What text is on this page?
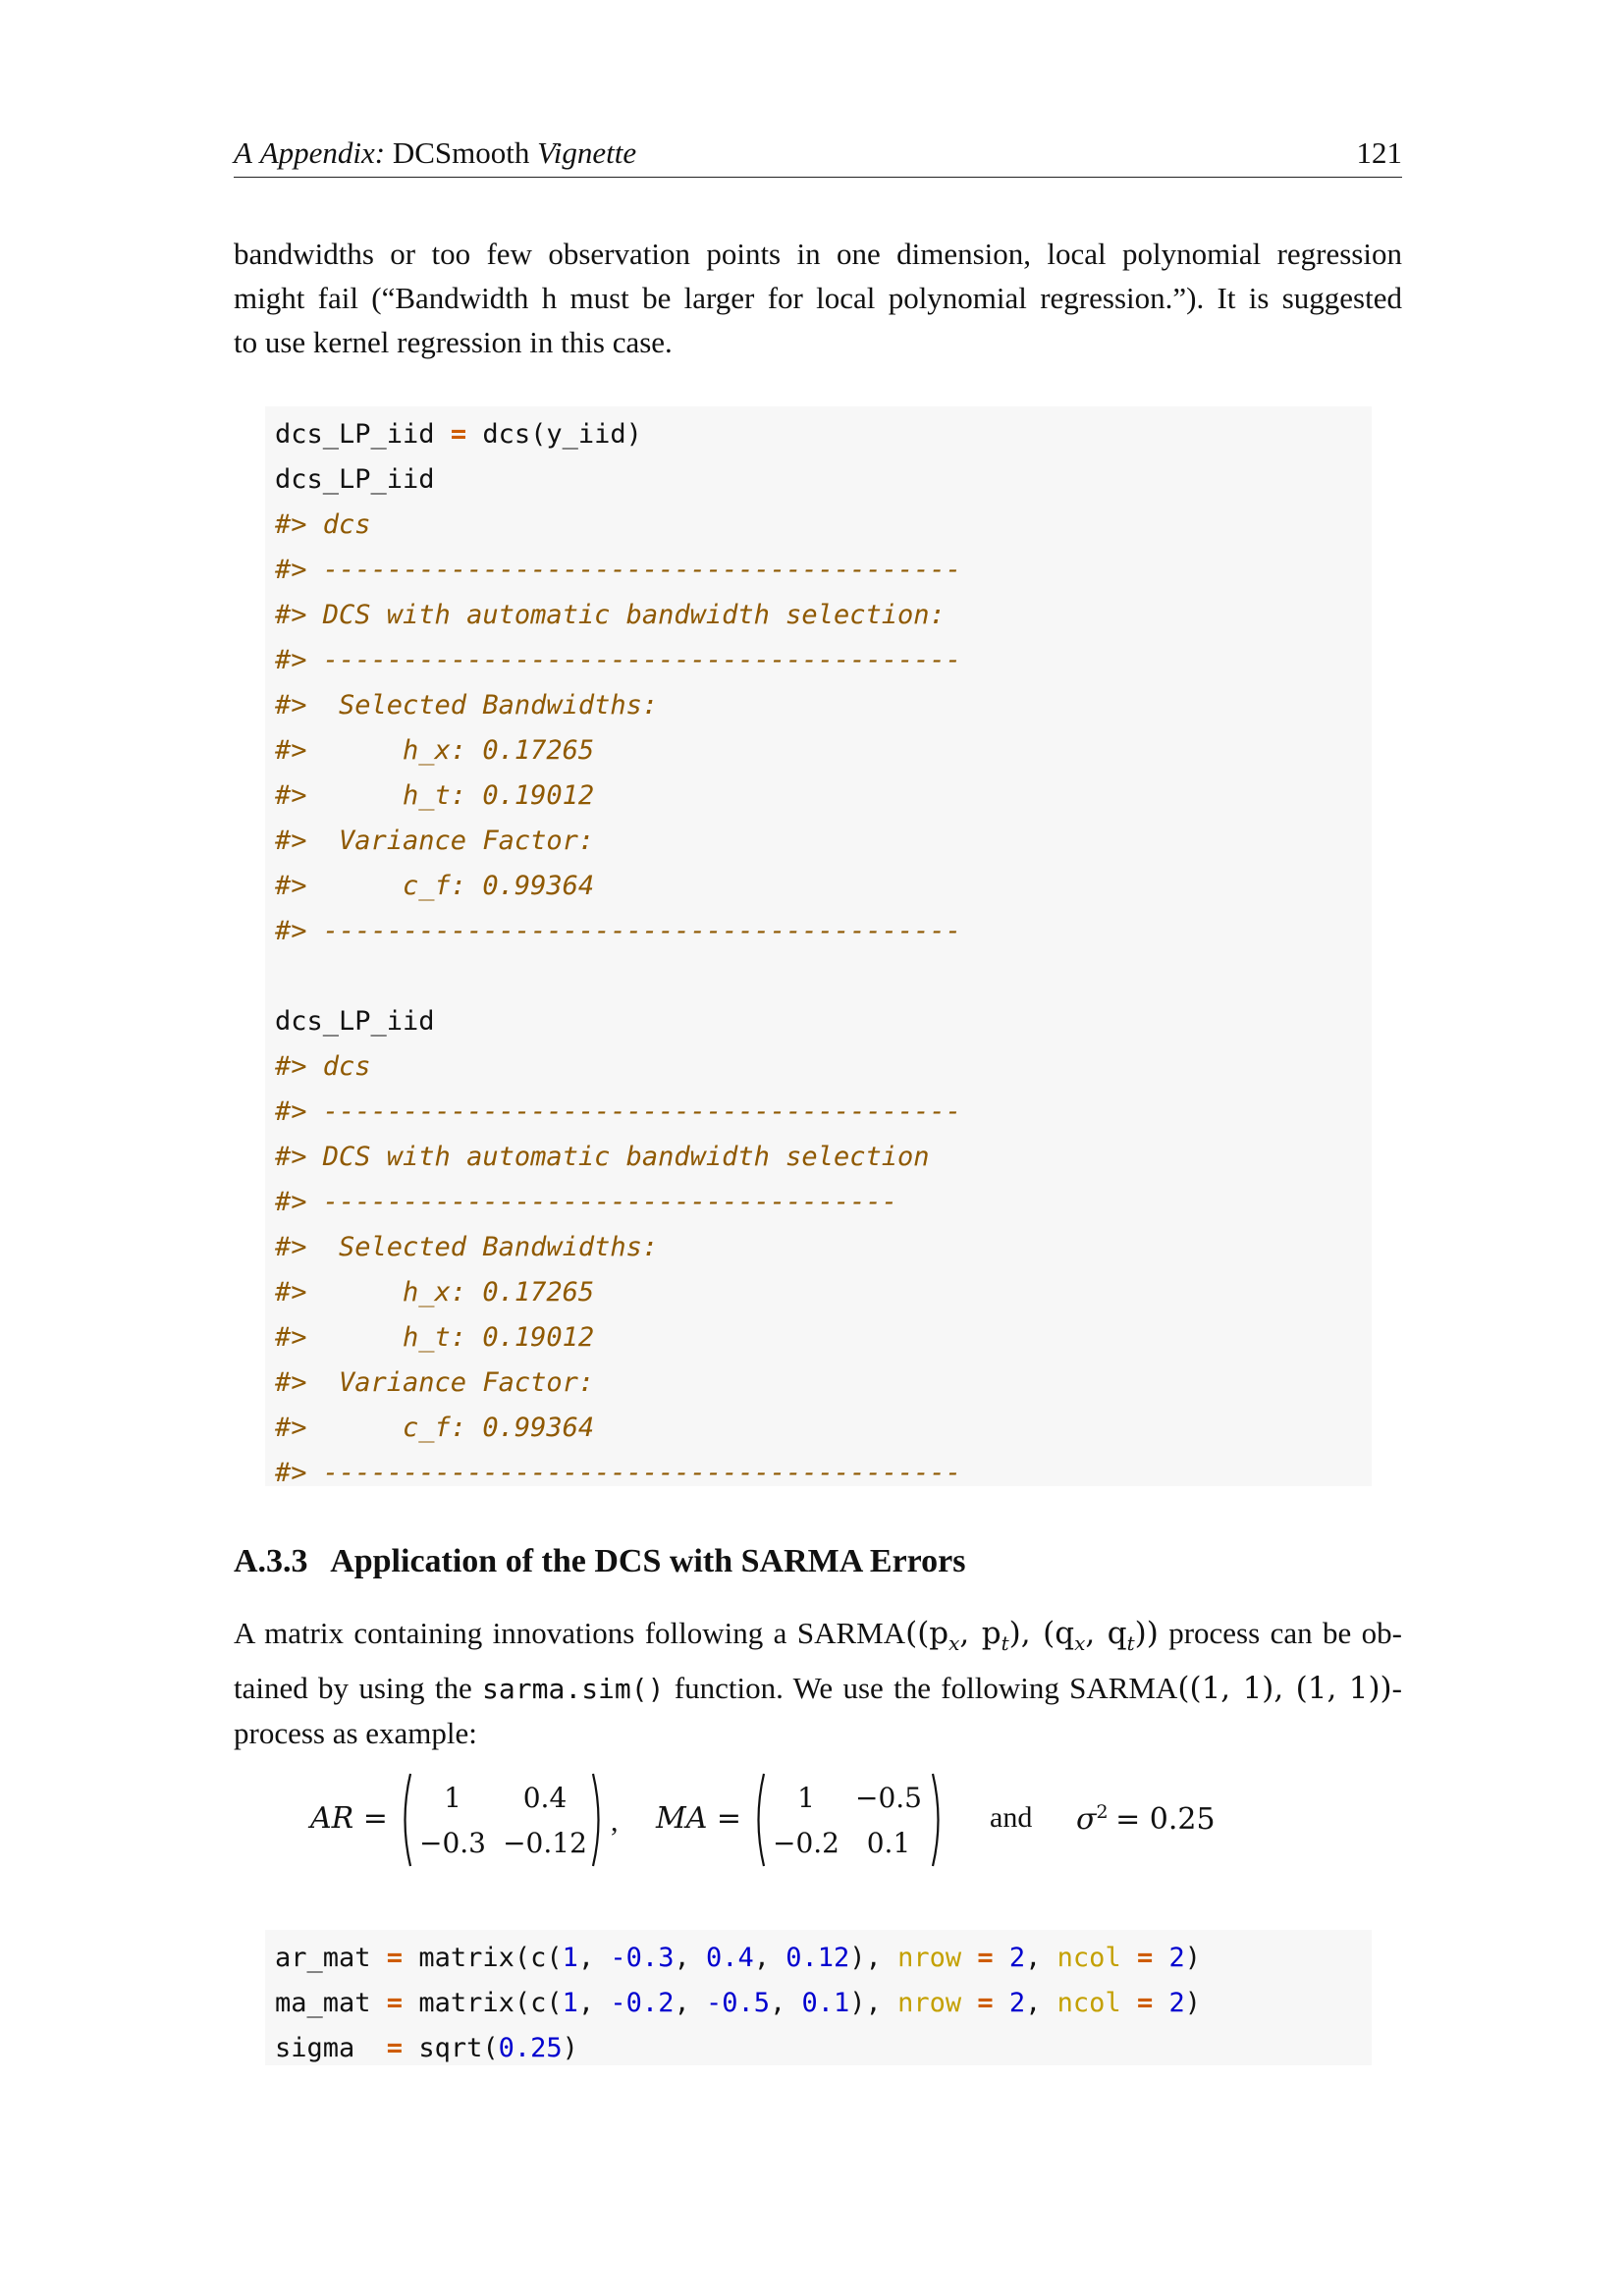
A Appendix: DCSmooth Vignette	121
bandwidths or too few observation points in one dimension, local polynomial regression
might fail (“Bandwidth h must be larger for local polynomial regression.”). It is suggested
to use kernel regression in this case.

dcs_LP_iid = dcs(y_iid)

dcs_LP_iid

#> dcs

#> ----------------------------------------

#> DCS with automatic bandwidth selection:

#> ----------------------------------------

#>  Selected Bandwidths:

#>      h_x: 0.17265

#>      h_t: 0.19012

#>  Variance Factor:

#>      c_f: 0.99364

#> ----------------------------------------

dcs_LP_iid

#> dcs

#> ----------------------------------------

#> DCS with automatic bandwidth selection

#> ------------------------------------

#>  Selected Bandwidths:

#>      h_x: 0.17265

#>      h_t: 0.19012

#>  Variance Factor:

#>      c_f: 0.99364

#> ----------------------------------------

A.3.3 Application of the DCS with SARMA Errors
A matrix containing innovations following a $SARMA((p_x$, $p_t$), ($q_x$, $q_t$)) process can be ob-
tained by using the sarma.sim() function. We use the following SARMA((1, 1), (1, 1))-
process as example:
AR =
1	0.4
−0.3 −0.12
, MA =
1	−0.5
−0.2 0.1
and $\sigma^2 = 0.25$

ar_mat = matrix(c(1, -0.3, 0.4, 0.12), nrow = 2, ncol = 2)

ma_mat = matrix(c(1, -0.2, -0.5, 0.1), nrow = 2, ncol = 2)

sigma  = sqrt(0.25)
